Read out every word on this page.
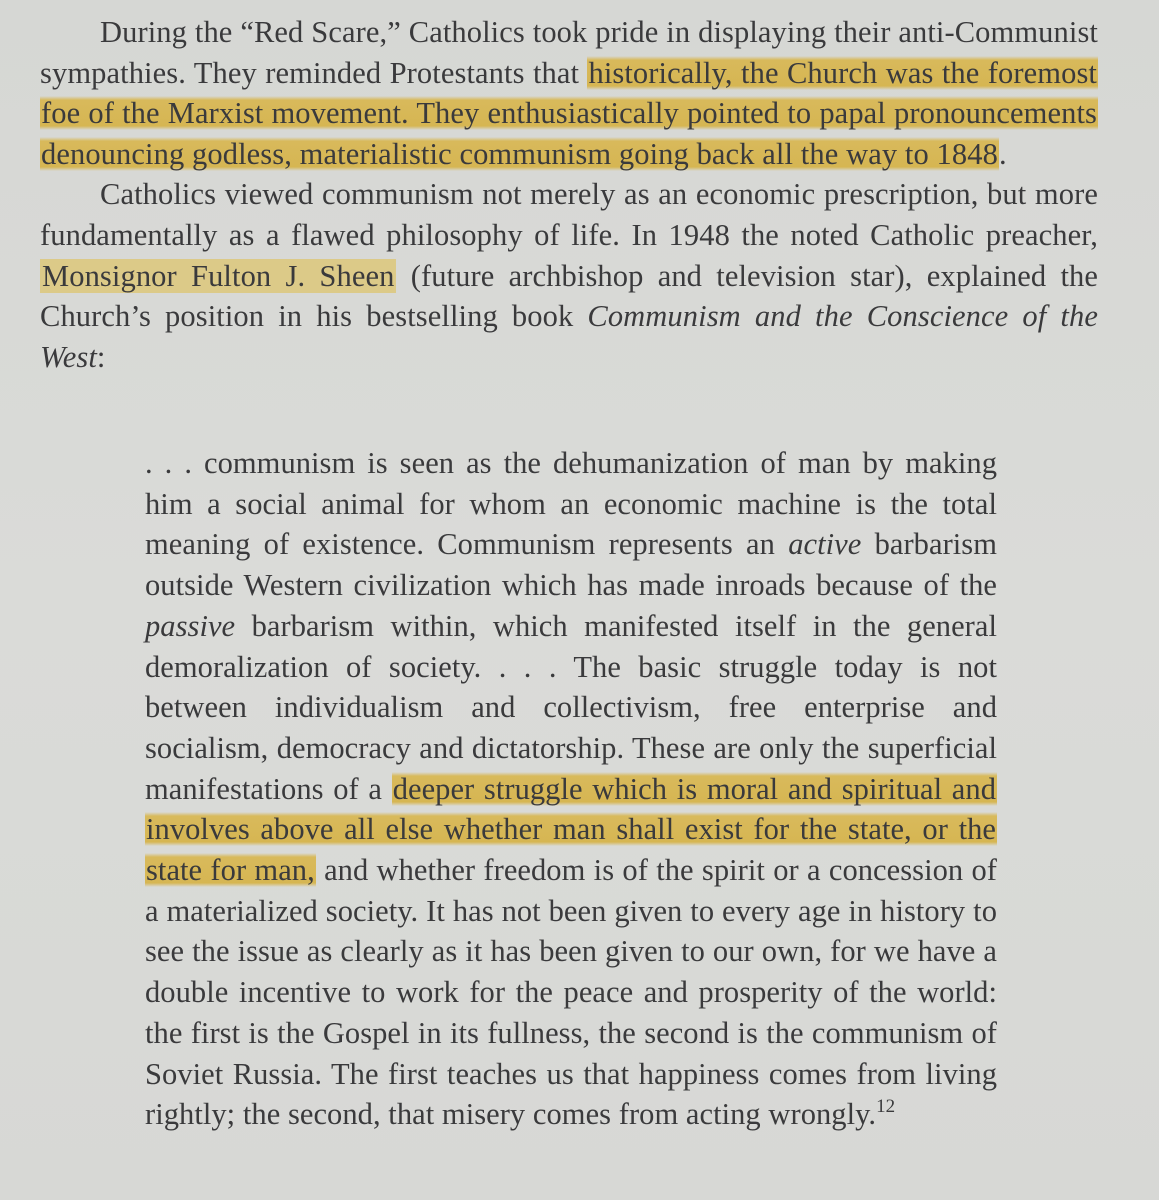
During the “Red Scare,” Catholics took pride in displaying their anti-Communist sympathies. They reminded Protestants that historically, the Church was the foremost foe of the Marxist movement. They enthusiastically pointed to papal pronouncements denouncing godless, materialistic communism going back all the way to 1848.

Catholics viewed communism not merely as an economic prescription, but more fundamentally as a flawed philosophy of life. In 1948 the noted Catholic preacher, Monsignor Fulton J. Sheen (future archbishop and television star), explained the Church’s position in his bestselling book Communism and the Conscience of the West:

. . . communism is seen as the dehumanization of man by making him a social animal for whom an economic machine is the total meaning of existence. Communism represents an active barbarism outside Western civilization which has made inroads because of the passive barbarism within, which manifested itself in the general demoralization of society. . . . The basic struggle today is not between individualism and collectivism, free enterprise and socialism, democracy and dictatorship. These are only the superficial manifestations of a deeper struggle which is moral and spiritual and involves above all else whether man shall exist for the state, or the state for man, and whether freedom is of the spirit or a concession of a materialized society. It has not been given to every age in history to see the issue as clearly as it has been given to our own, for we have a double incentive to work for the peace and prosperity of the world: the first is the Gospel in its fullness, the second is the communism of Soviet Russia. The first teaches us that happiness comes from living rightly; the second, that misery comes from acting wrongly.$^{12}$
